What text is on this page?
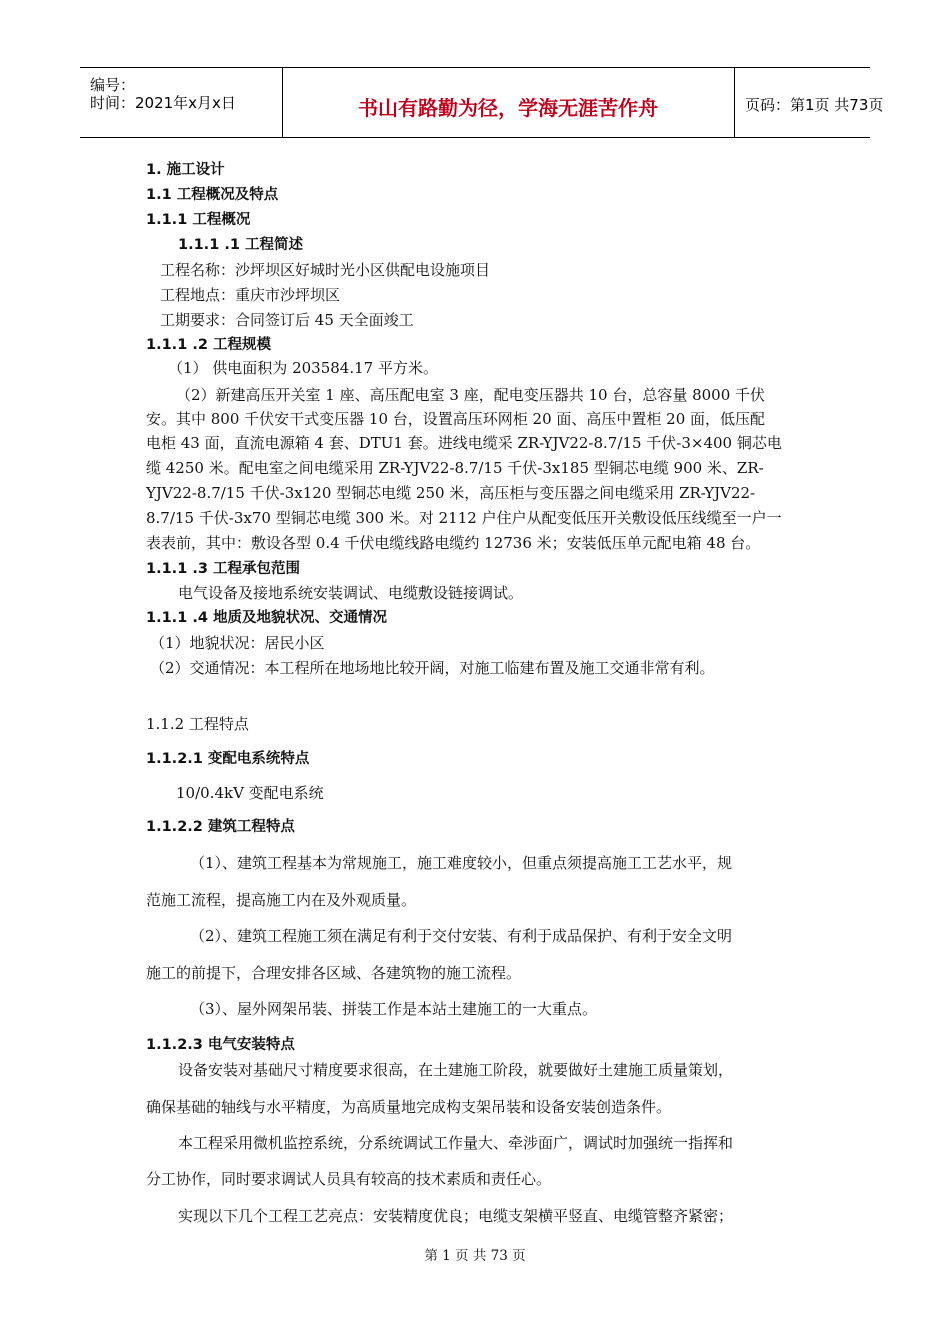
编号：
时间：2021年x月x日	书山有路勤为径，学海无涯苦作舟	页码：第1页 共73页
1. 施工设计
1.1 工程概况及特点
1.1.1 工程概况
1.1.1 .1 工程简述
工程名称：沙坪坝区好城时光小区供配电设施项目
工程地点：重庆市沙坪坝区
工期要求：合同签订后 45 天全面竣工
1.1.1 .2 工程规模
（1） 供电面积为 203584.17 平方米。
（2）新建高压开关室 1 座、高压配电室 3 座，配电变压器共 10 台，总容量 8000 千伏
安。其中 800 千伏安干式变压器 10 台，设置高压环网柜 20 面、高压中置柜 20 面，低压配
电柜 43 面，直流电源箱 4 套、DTU1 套。进线电缆采 ZR-YJV22-8.7/15 千伏-3×400 铜芯电
缆 4250 米。配电室之间电缆采用 ZR-YJV22-8.7/15 千伏-3x185 型铜芯电缆 900 米、ZR-
YJV22-8.7/15 千伏-3x120 型铜芯电缆 250 米，高压柜与变压器之间电缆采用 ZR-YJV22-
8.7/15 千伏-3x70 型铜芯电缆 300 米。对 2112 户住户从配变低压开关敷设低压线缆至一户一
表表前，其中：敷设各型 0.4 千伏电缆线路电缆约 12736 米；安装低压单元配电箱 48 台。
1.1.1 .3 工程承包范围
电气设备及接地系统安装调试、电缆敷设链接调试。
1.1.1 .4 地质及地貌状况、交通情况
（1）地貌状况：居民小区
（2）交通情况：本工程所在地场地比较开阔，对施工临建布置及施工交通非常有利。
1.1.2 工程特点
1.1.2.1 变配电系统特点
10/0.4kV 变配电系统
1.1.2.2 建筑工程特点
（1）、建筑工程基本为常规施工，施工难度较小，但重点须提高施工工艺水平，规
范施工流程，提高施工内在及外观质量。
（2）、建筑工程施工须在满足有利于交付安装、有利于成品保护、有利于安全文明
施工的前提下，合理安排各区域、各建筑物的施工流程。
（3）、屋外网架吊装、拼装工作是本站土建施工的一大重点。
1.1.2.3 电气安装特点
设备安装对基础尺寸精度要求很高，在土建施工阶段，就要做好土建施工质量策划，
确保基础的轴线与水平精度，为高质量地完成构支架吊装和设备安装创造条件。
本工程采用微机监控系统，分系统调试工作量大、牵涉面广，调试时加强统一指挥和
分工协作，同时要求调试人员具有较高的技术素质和责任心。
实现以下几个工程工艺亮点：安装精度优良；电缆支架横平竖直、电缆管整齐紧密；
第 1 页 共 73 页
